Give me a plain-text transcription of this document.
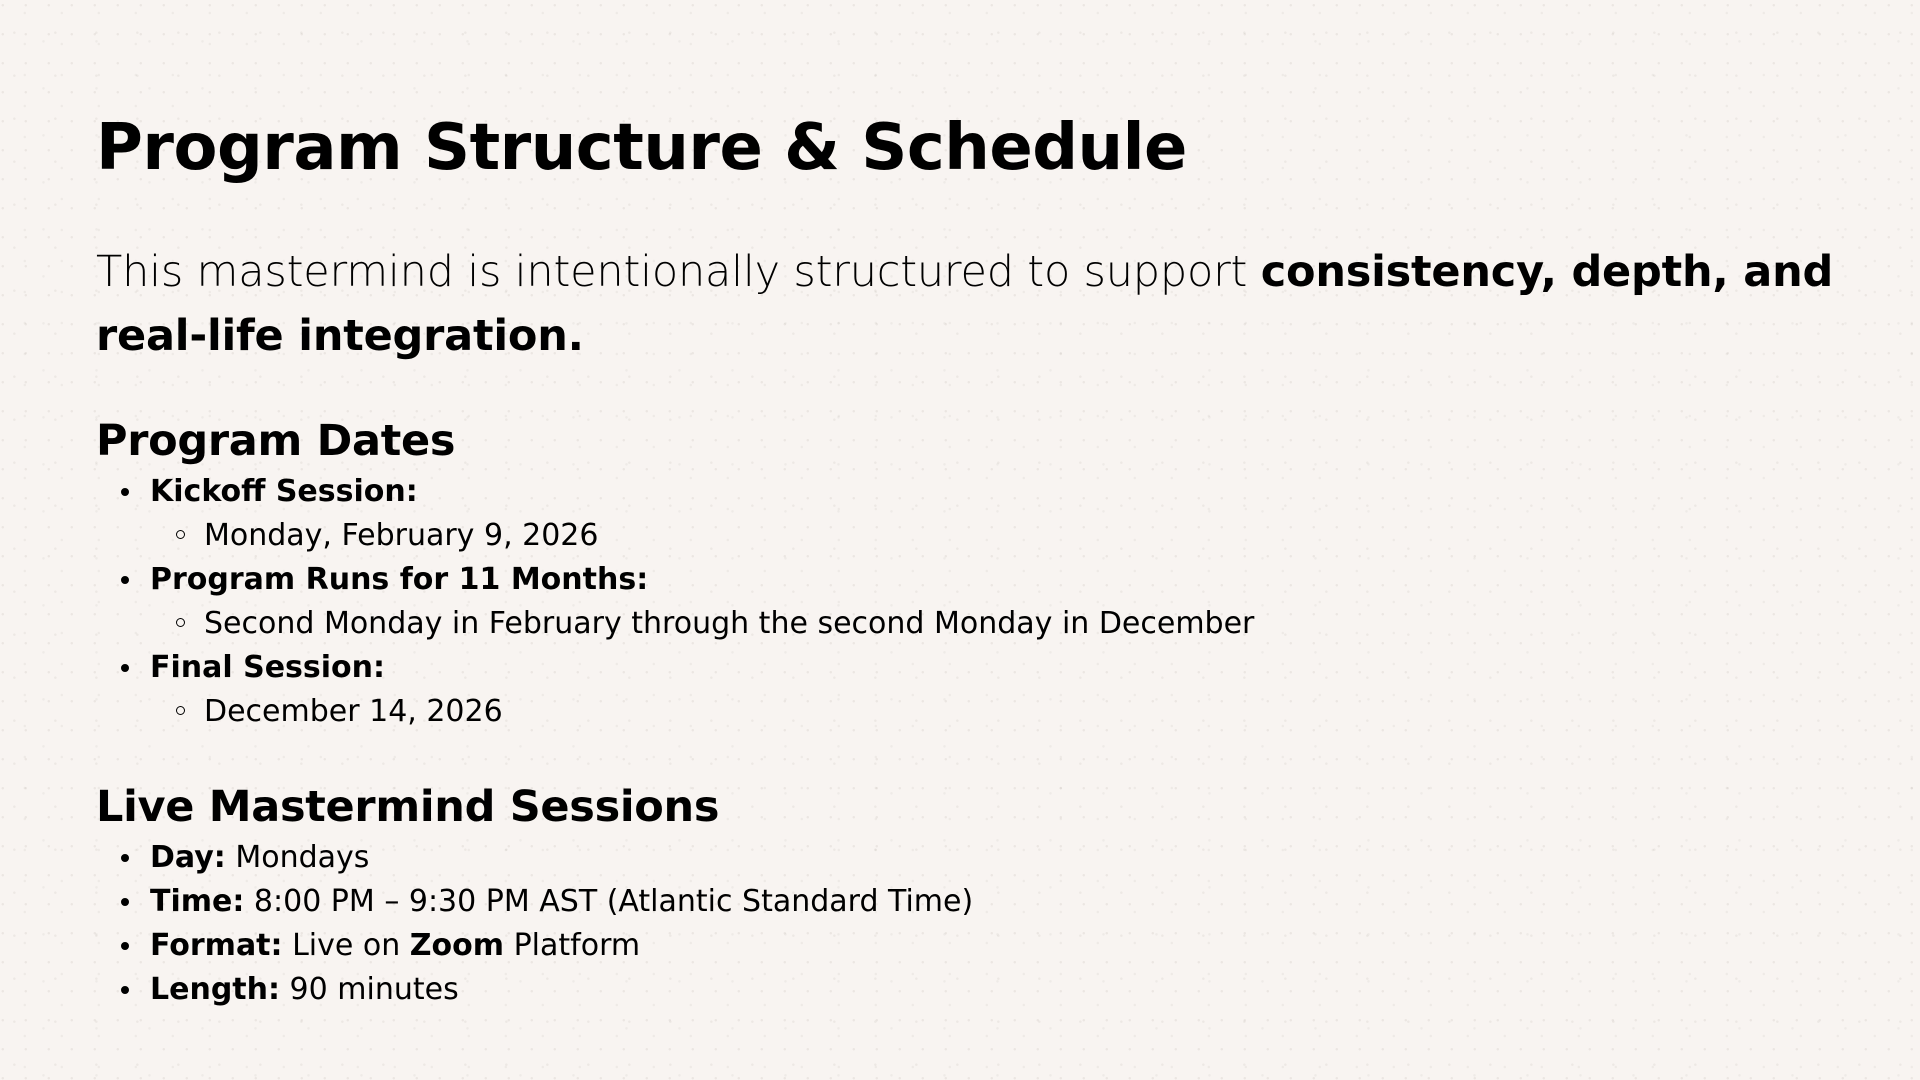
Program Structure & Schedule

This mastermind is intentionally structured to support consistency, depth, and real-life integration.

Program Dates
Kickoff Session:
Monday, February 9, 2026
Program Runs for 11 Months:
Second Monday in February through the second Monday in December
Final Session:
December 14, 2026
Live Mastermind Sessions
Day: Mondays
Time: 8:00 PM – 9:30 PM AST (Atlantic Standard Time)
Format: Live on Zoom Platform
Length: 90 minutes
